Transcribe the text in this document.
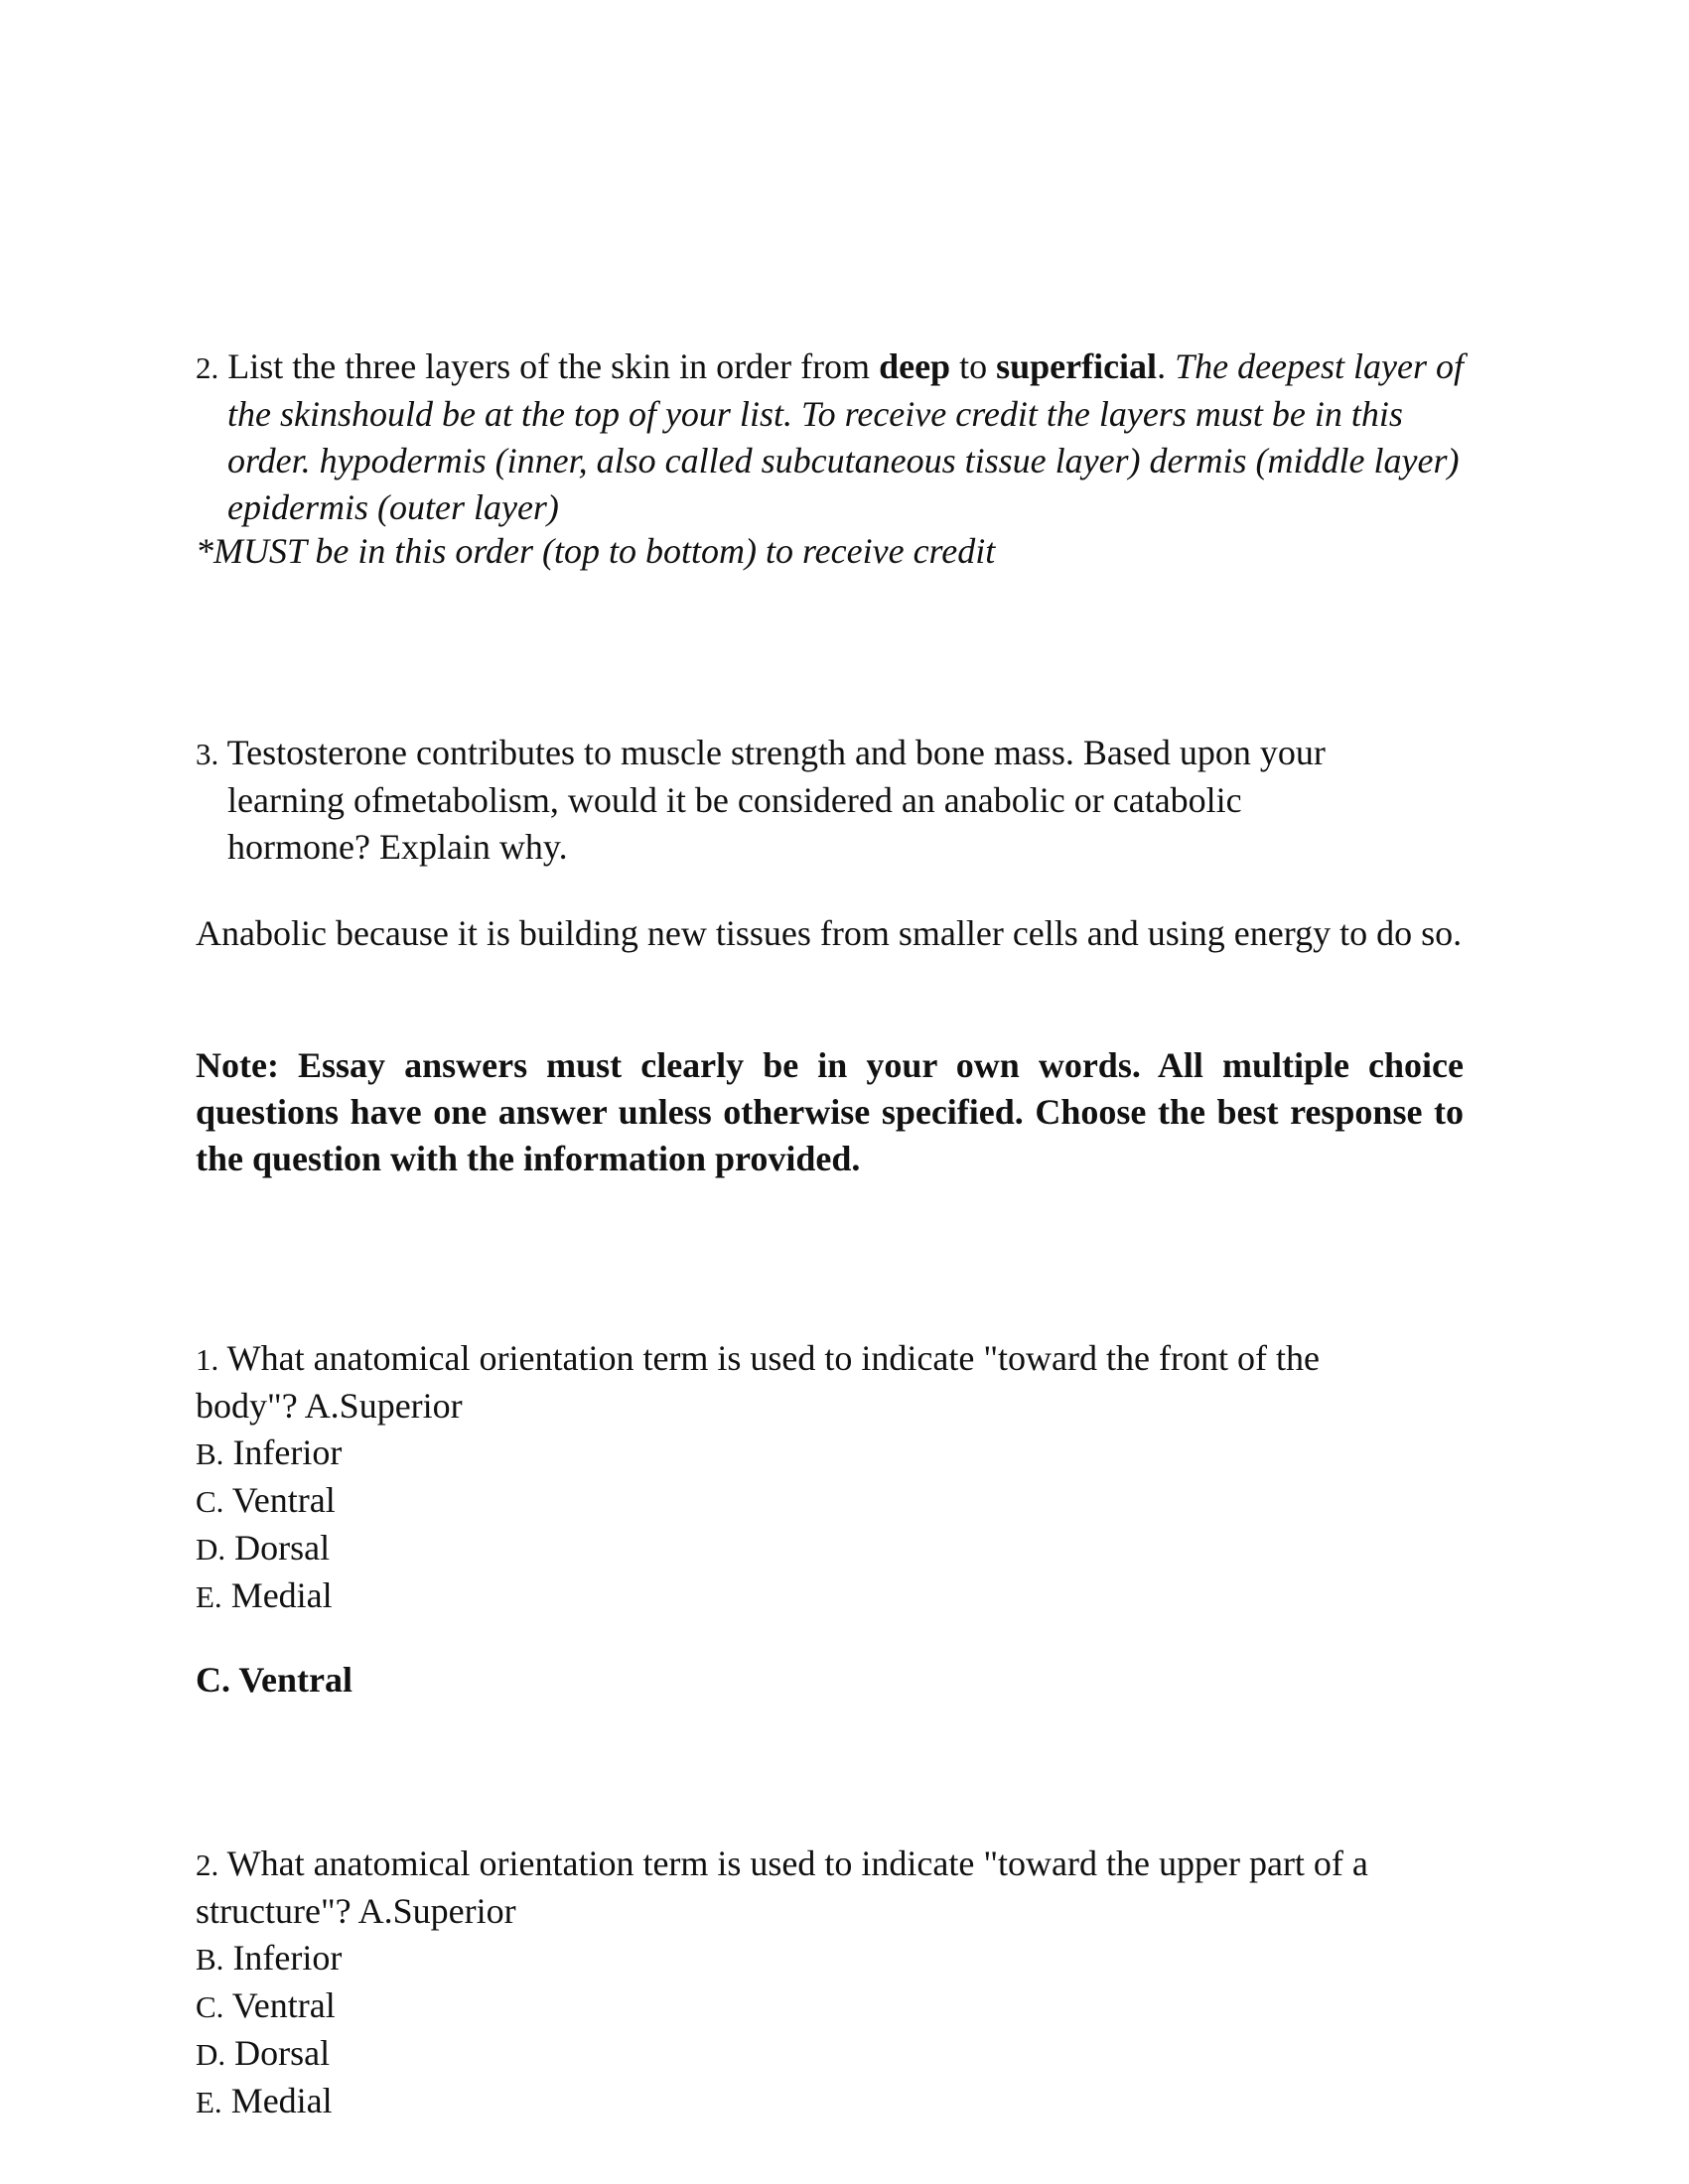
2. List the three layers of the skin in order from deep to superficial. The deepest layer of the skinshould be at the top of your list. To receive credit the layers must be in this order. hypodermis (inner, also called subcutaneous tissue layer) dermis (middle layer) epidermis (outer layer)
*MUST be in this order (top to bottom) to receive credit
3. Testosterone contributes to muscle strength and bone mass. Based upon your learning ofmetabolism, would it be considered an anabolic or catabolic hormone? Explain why.
Anabolic because it is building new tissues from smaller cells and using energy to do so.
Note: Essay answers must clearly be in your own words. All multiple choice questions have one answer unless otherwise specified. Choose the best response to the question with the information provided.
1. What anatomical orientation term is used to indicate "toward the front of the body"? A.Superior
B. Inferior
C. Ventral
D. Dorsal
E. Medial
C. Ventral
2. What anatomical orientation term is used to indicate "toward the upper part of a structure"? A.Superior
B. Inferior
C. Ventral
D. Dorsal
E. Medial
